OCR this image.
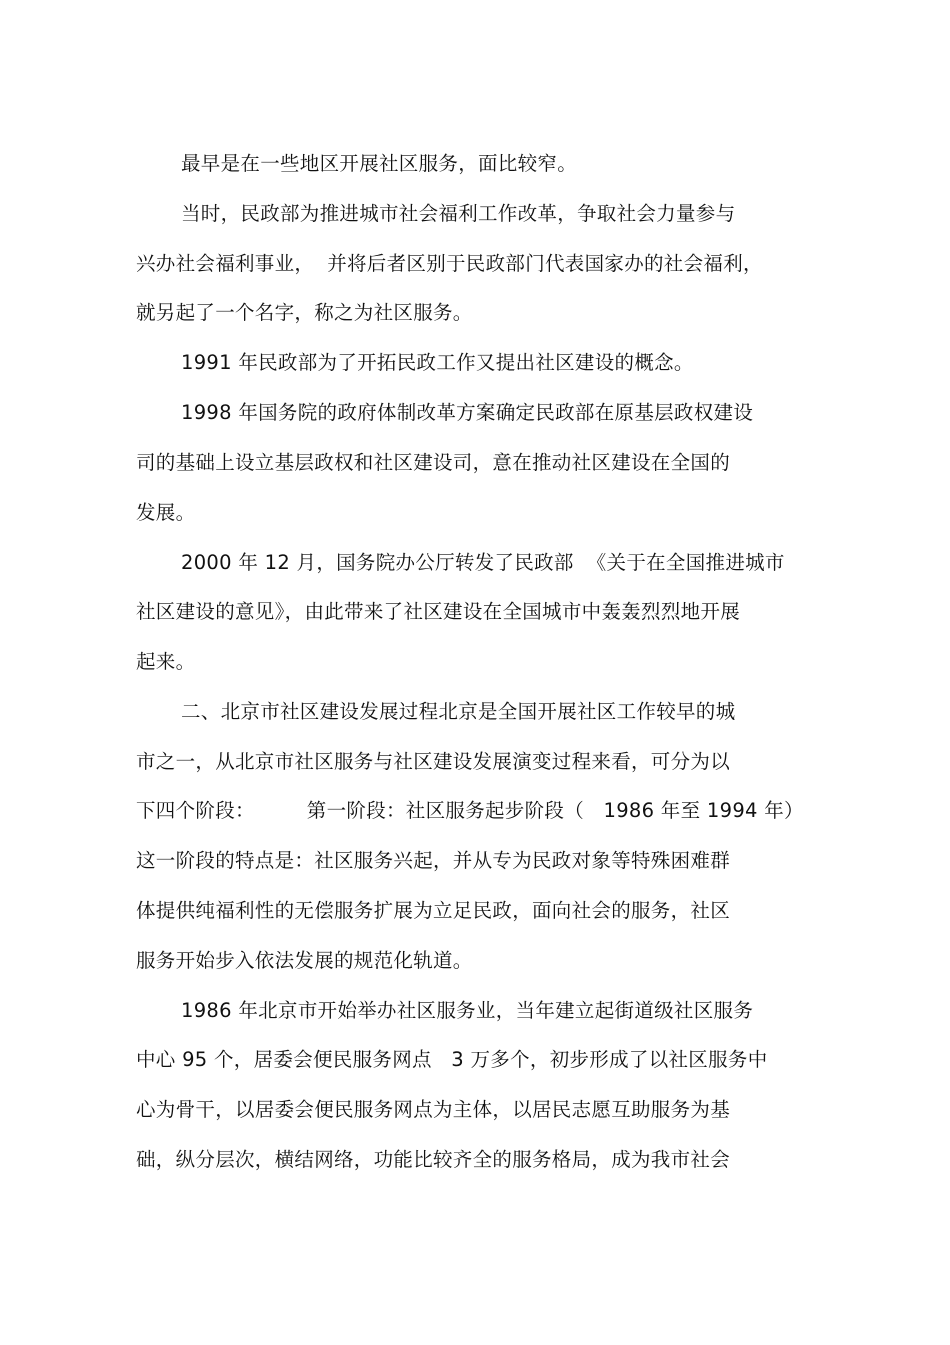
最早是在一些地区开展社区服务，面比较窄。
当时，民政部为推进城市社会福利工作改革，争取社会力量参与
兴办社会福利事业，  并将后者区别于民政部门代表国家办的社会福利，
就另起了一个名字，称之为社区服务。
1991 年民政部为了开拓民政工作又提出社区建设的概念。
1998 年国务院的政府体制改革方案确定民政部在原基层政权建设
司的基础上设立基层政权和社区建设司，意在推动社区建设在全国的
发展。
2000 年 12 月，国务院办公厅转发了民政部  《关于在全国推进城市
社区建设的意见》，由此带来了社区建设在全国城市中轰轰烈烈地开展
起来。
二、北京市社区建设发展过程北京是全国开展社区工作较早的城
市之一，从北京市社区服务与社区建设发展演变过程来看，可分为以
下四个阶段：        第一阶段：社区服务起步阶段（   1986 年至 1994 年）
这一阶段的特点是：社区服务兴起，并从专为民政对象等特殊困难群
体提供纯福利性的无偿服务扩展为立足民政，面向社会的服务，社区
服务开始步入依法发展的规范化轨道。
1986 年北京市开始举办社区服务业，当年建立起街道级社区服务
中心 95 个，居委会便民服务网点   3 万多个，初步形成了以社区服务中
心为骨干，以居委会便民服务网点为主体，以居民志愿互助服务为基
础，纵分层次，横结网络，功能比较齐全的服务格局，成为我市社会
